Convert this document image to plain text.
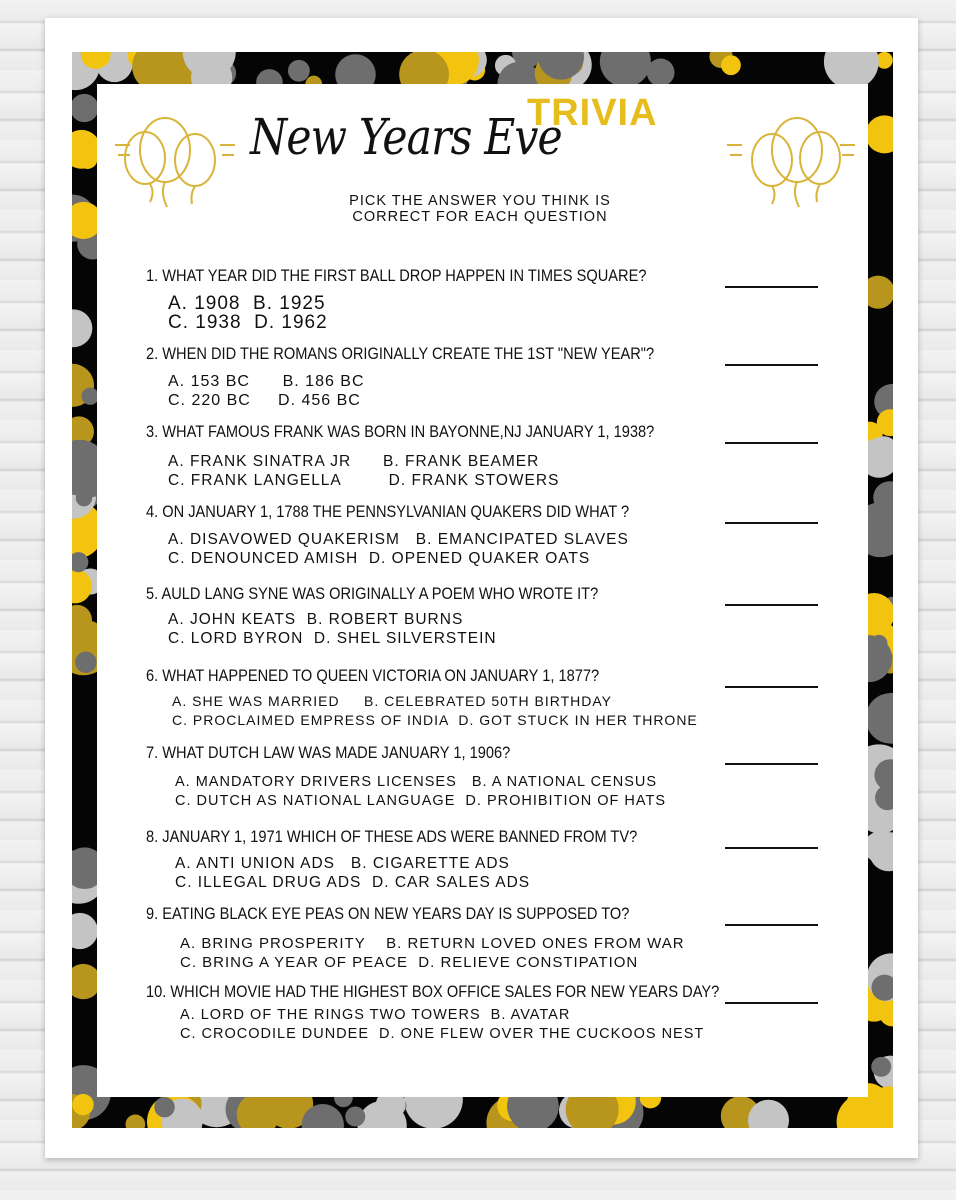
New Years Eve
TRIVIA
PICK THE ANSWER YOU THINK IS
CORRECT FOR EACH QUESTION
1. WHAT YEAR DID THE FIRST BALL DROP HAPPEN IN TIMES SQUARE?
A. 1908  B. 1925
C. 1938  D. 1962
2. WHEN DID THE ROMANS ORIGINALLY CREATE THE 1ST "NEW YEAR"?
A. 153 BC      B. 186 BC
C. 220 BC     D. 456 BC
3. WHAT FAMOUS FRANK WAS BORN IN BAYONNE,NJ JANUARY 1, 1938?
A. FRANK SINATRA JR      B. FRANK BEAMER
C. FRANK LANGELLA         D. FRANK STOWERS
4. ON JANUARY 1, 1788 THE PENNSYLVANIAN QUAKERS DID WHAT ?
A. DISAVOWED QUAKERISM   B. EMANCIPATED SLAVES
C. DENOUNCED AMISH  D. OPENED QUAKER OATS
5. AULD LANG SYNE WAS ORIGINALLY A POEM WHO WROTE IT?
A. JOHN KEATS  B. ROBERT BURNS
C. LORD BYRON  D. SHEL SILVERSTEIN
6. WHAT HAPPENED TO QUEEN VICTORIA ON JANUARY 1, 1877?
A. SHE WAS MARRIED     B. CELEBRATED 50TH BIRTHDAY
C. PROCLAIMED EMPRESS OF INDIA  D. GOT STUCK IN HER THRONE
7. WHAT DUTCH LAW WAS MADE JANUARY 1, 1906?
A. MANDATORY DRIVERS LICENSES   B. A NATIONAL CENSUS
C. DUTCH AS NATIONAL LANGUAGE  D. PROHIBITION OF HATS
8. JANUARY 1, 1971 WHICH OF THESE ADS WERE BANNED FROM TV?
A. ANTI UNION ADS   B. CIGARETTE ADS
C. ILLEGAL DRUG ADS  D. CAR SALES ADS
9. EATING BLACK EYE PEAS ON NEW YEARS DAY IS SUPPOSED TO?
A. BRING PROSPERITY    B. RETURN LOVED ONES FROM WAR
C. BRING A YEAR OF PEACE  D. RELIEVE CONSTIPATION
10. WHICH MOVIE HAD THE HIGHEST BOX OFFICE SALES FOR NEW YEARS DAY?
A. LORD OF THE RINGS TWO TOWERS  B. AVATAR
C. CROCODILE DUNDEE  D. ONE FLEW OVER THE CUCKOOS NEST
